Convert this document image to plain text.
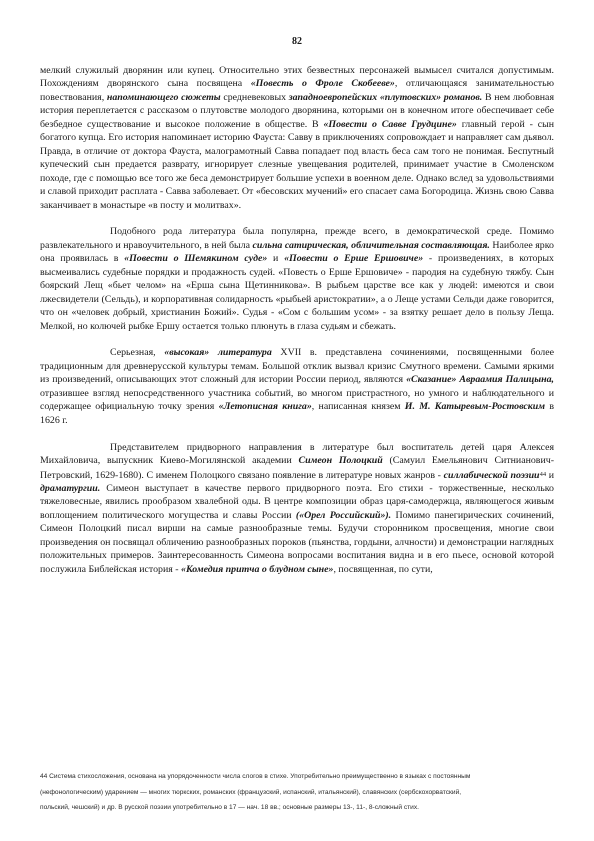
82

мелкий служилый дворянин или купец. Относительно этих безвестных персонажей вымысел считался допустимым. Похождениям дворянского сына посвящена «Повесть о Фроле Скобееве», отличающаяся занимательностью повествования, напоминающего сюжеты средневековых западноевропейских «плутовских» романов. В нем любовная история переплетается с рассказом о плутовстве молодого дворянина, которыми он в конечном итоге обеспечивает себе безбедное существование и высокое положение в обществе. В «Повести о Савве Грудцине» главный герой - сын богатого купца. Его история напоминает историю Фауста: Савву в приключениях сопровождает и направляет сам дьявол. Правда, в отличие от доктора Фауста, малограмотный Савва попадает под власть беса сам того не понимая. Беспутный купеческий сын предается разврату, игнорирует слезные увещевания родителей, принимает участие в Смоленском походе, где с помощью все того же беса демонстрирует большие успехи в военном деле. Однако вслед за удовольствиями и славой приходит расплата - Савва заболевает. От «бесовских мучений» его спасает сама Богородица. Жизнь свою Савва заканчивает в монастыре «в посту и молитвах».

Подобного рода литература была популярна, прежде всего, в демократической среде. Помимо развлекательного и нравоучительного, в ней была сильна сатирическая, обличительная составляющая. Наиболее ярко она проявилась в «Повести о Шемякином суде» и «Повести о Ерше Ершовиче» - произведениях, в которых высмеивались судебные порядки и продажность судей. «Повесть о Ерше Ершовиче» - пародия на судебную тяжбу. Сын боярский Лещ «бьет челом» на «Ерша сына Щетинникова». В рыбьем царстве все как у людей: имеются и свои лжесвидетели (Сельдь), и корпоративная солидарность «рыбьей аристократии», а о Леще устами Сельди даже говорится, что он «человек добрый, христианин Божий». Судья - «Сом с большим усом» - за взятку решает дело в пользу Леща. Мелкой, но колючей рыбке Ершу остается только плюнуть в глаза судьям и сбежать.

Серьезная, «высокая» литература XVII в. представлена сочинениями, посвященными более традиционным для древнерусской культуры темам. Большой отклик вызвал кризис Смутного времени. Самыми яркими из произведений, описывающих этот сложный для истории России период, являются «Сказание» Авраамия Палицына, отразившее взгляд непосредственного участника событий, во многом пристрастного, но умного и наблюдательного и содержащее официальную точку зрения «Летописная книга», написанная князем И. М. Катыревым-Ростовским в 1626 г.

Представителем придворного направления в литературе был воспитатель детей царя Алексея Михайловича, выпускник Киево-Могилянской академии Симеон Полоцкий (Самуил Емельянович Ситнианович-Петровский, 1629-1680). С именем Полоцкого связано появление в литературе новых жанров - силлабической поэзии$^{44}$ и драматургии. Симеон выступает в качестве первого придворного поэта. Его стихи - торжественные, несколько тяжеловесные, явились прообразом хвалебной оды. В центре композиции образ царя-самодержца, являющегося живым воплощением политического могущества и славы России («Орел Российский»). Помимо панегирических сочинений, Симеон Полоцкий писал вирши на самые разнообразные темы. Будучи сторонником просвещения, многие свои произведения он посвящал обличению разнообразных пороков (пьянства, гордыни, алчности) и демонстрации наглядных положительных примеров. Заинтересованность Симеона вопросами воспитания видна и в его пьесе, основой которой послужила Библейская история - «Комедия притча о блудном сыне», посвященная, по сути,

44 Система стихосложения, основана на упорядоченности числа слогов в стихе. Употребительно преимущественно в языках с постоянным

(нефонологическим) ударением — многих тюркских, романских (французский, испанский, итальянский), славянских (сербскохорватский,

польский, чешский) и др. В русской поэзии употребительно в 17 — нач. 18 вв.; основные размеры 13-, 11-, 8-сложный стих.
